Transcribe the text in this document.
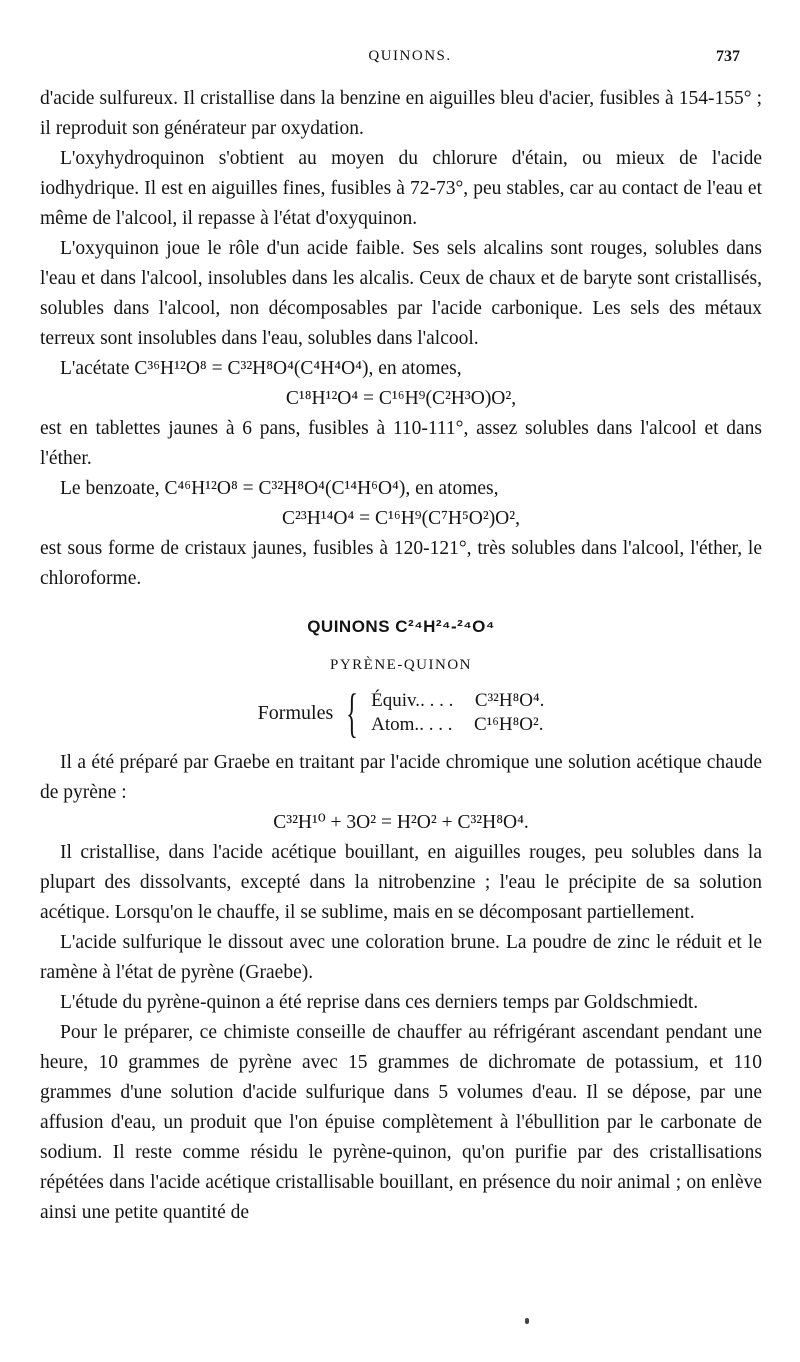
QUINONS.	737

d'acide sulfureux. Il cristallise dans la benzine en aiguilles bleu d'acier, fusibles à 154-155° ; il reproduit son générateur par oxydation.

L'oxyhydroquinon s'obtient au moyen du chlorure d'étain, ou mieux de l'acide iodhydrique. Il est en aiguilles fines, fusibles à 72-73°, peu stables, car au contact de l'eau et même de l'alcool, il repasse à l'état d'oxyquinon.

L'oxyquinon joue le rôle d'un acide faible. Ses sels alcalins sont rouges, solubles dans l'eau et dans l'alcool, insolubles dans les alcalis. Ceux de chaux et de baryte sont cristallisés, solubles dans l'alcool, non décomposables par l'acide carbonique. Les sels des métaux terreux sont insolubles dans l'eau, solubles dans l'alcool.

L'acétate C³⁶H¹²O⁸ = C³²H⁸O⁴(C⁴H⁴O⁴), en atomes,

C¹⁸H¹²O⁴ = C¹⁶H⁹(C²H³O)O²,

est en tablettes jaunes à 6 pans, fusibles à 110-111°, assez solubles dans l'alcool et dans l'éther.

Le benzoate, C⁴⁶H¹²O⁸ = C³²H⁸O⁴(C¹⁴H⁶O⁴), en atomes,

C²³H¹⁴O⁴ = C¹⁶H⁹(C⁷H⁵O²)O²,

est sous forme de cristaux jaunes, fusibles à 120-121°, très solubles dans l'alcool, l'éther, le chloroforme.

QUINONS C²⁴H²⁴-²⁴O⁴
PYRÈNE-QUINON
Formules { Équiv.. . . . C³²H⁸O⁴.
Atom.. . . . C¹⁶H⁸O².

Il a été préparé par Graebe en traitant par l'acide chromique une solution acétique chaude de pyrène :

C³²H¹⁰ + 3O² = H²O² + C³²H⁸O⁴.

Il cristallise, dans l'acide acétique bouillant, en aiguilles rouges, peu solubles dans la plupart des dissolvants, excepté dans la nitrobenzine ; l'eau le précipite de sa solution acétique. Lorsqu'on le chauffe, il se sublime, mais en se décomposant partiellement.

L'acide sulfurique le dissout avec une coloration brune. La poudre de zinc le réduit et le ramène à l'état de pyrène (Graebe).

L'étude du pyrène-quinon a été reprise dans ces derniers temps par Goldschmiedt.

Pour le préparer, ce chimiste conseille de chauffer au réfrigérant ascendant pendant une heure, 10 grammes de pyrène avec 15 grammes de dichromate de potassium, et 110 grammes d'une solution d'acide sulfurique dans 5 volumes d'eau. Il se dépose, par une affusion d'eau, un produit que l'on épuise complètement à l'ébullition par le carbonate de sodium. Il reste comme résidu le pyrène-quinon, qu'on purifie par des cristallisations répétées dans l'acide acétique cristallisable bouillant, en présence du noir animal ; on enlève ainsi une petite quantité de
